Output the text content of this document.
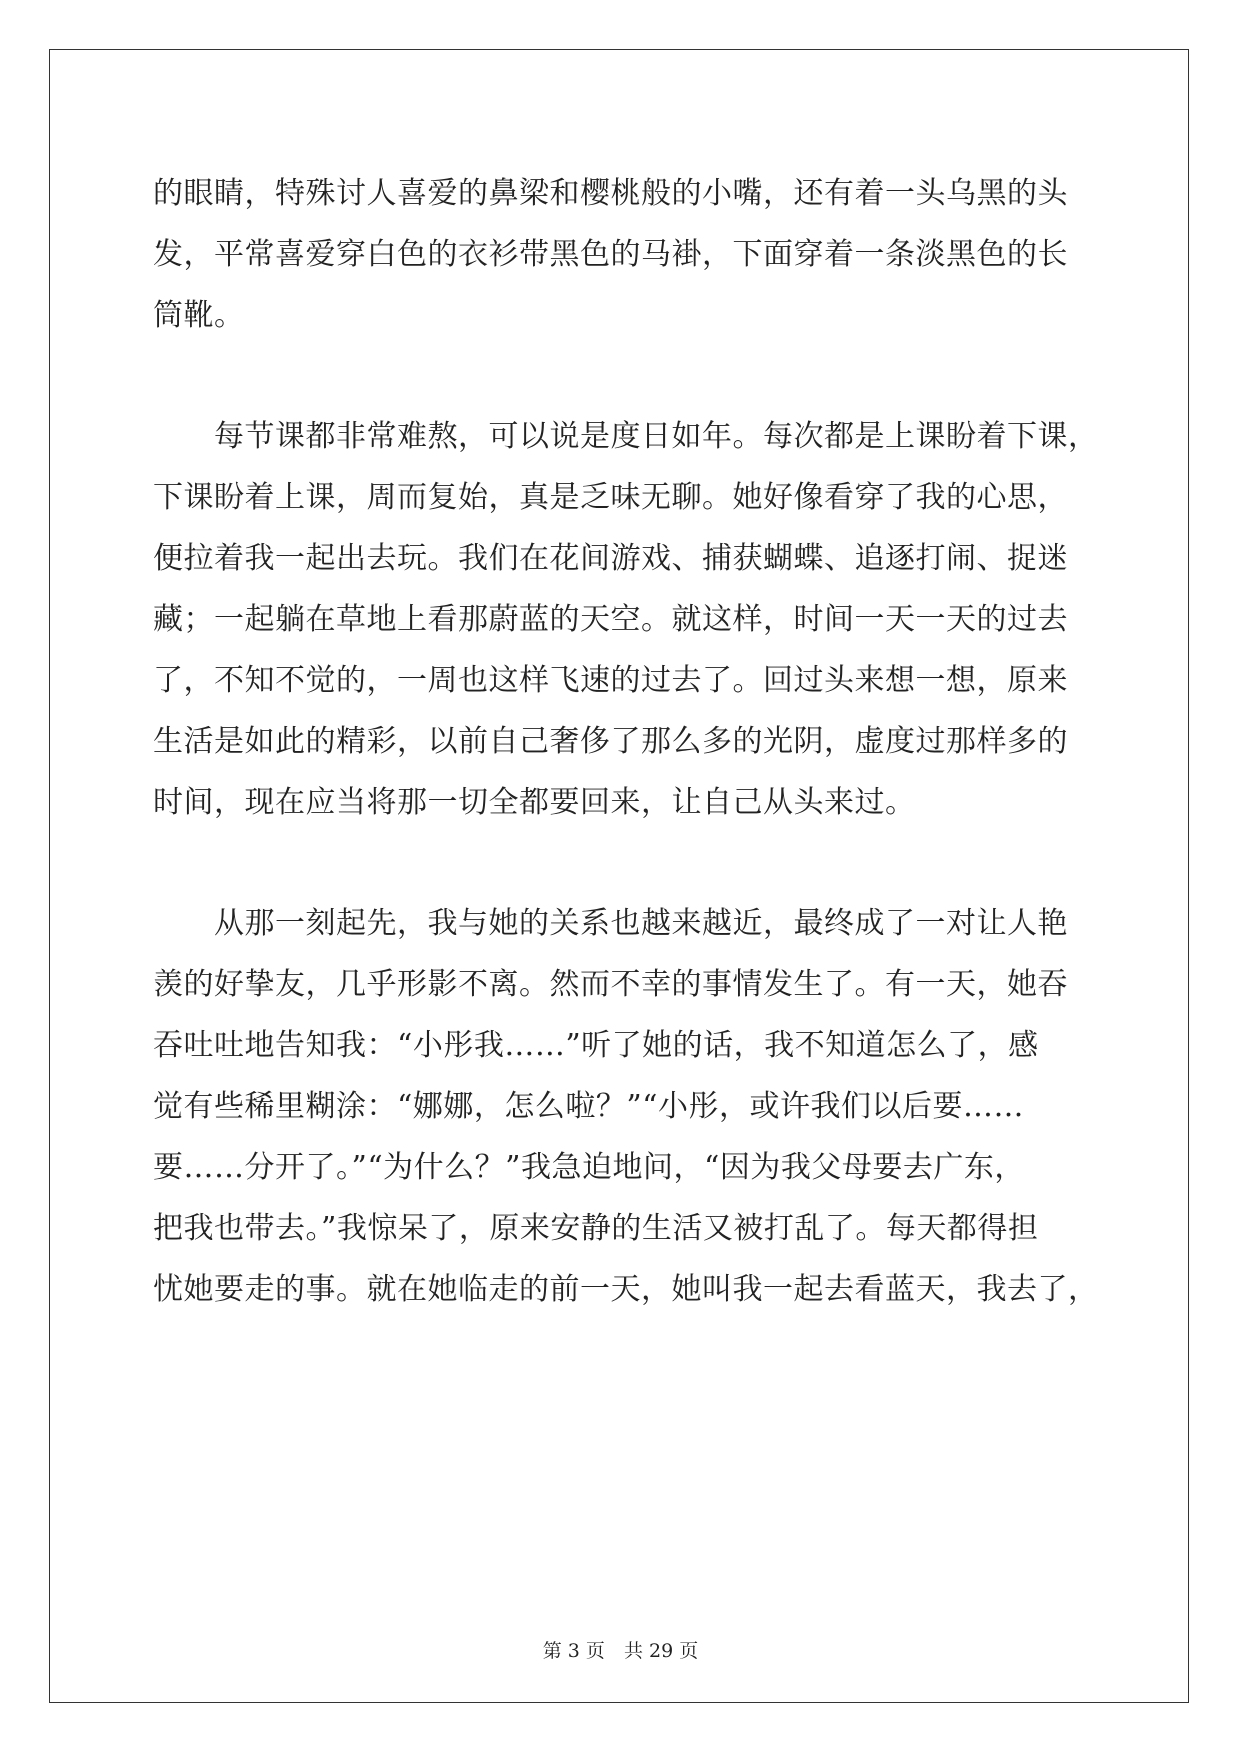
的眼睛，特殊讨人喜爱的鼻梁和樱桃般的小嘴，还有着一头乌黑的头
发，平常喜爱穿白色的衣衫带黑色的马褂，下面穿着一条淡黑色的长
筒靴。
　　每节课都非常难熬，可以说是度日如年。每次都是上课盼着下课，
下课盼着上课，周而复始，真是乏味无聊。她好像看穿了我的心思，
便拉着我一起出去玩。我们在花间游戏、捕获蝴蝶、追逐打闹、捉迷
藏；一起躺在草地上看那蔚蓝的天空。就这样，时间一天一天的过去
了，不知不觉的，一周也这样飞速的过去了。回过头来想一想，原来
生活是如此的精彩，以前自己奢侈了那么多的光阴，虚度过那样多的
时间，现在应当将那一切全都要回来，让自己从头来过。
　　从那一刻起先，我与她的关系也越来越近，最终成了一对让人艳
羡的好挚友，几乎形影不离。然而不幸的事情发生了。有一天，她吞
吞吐吐地告知我：“小彤我……”听了她的话，我不知道怎么了，感
觉有些稀里糊涂：“娜娜，怎么啦？”“小彤，或许我们以后要……
要……分开了。”“为什么？”我急迫地问，“因为我父母要去广东，
把我也带去。”我惊呆了，原来安静的生活又被打乱了。每天都得担
忧她要走的事。就在她临走的前一天，她叫我一起去看蓝天，我去了，
第 3 页　 共 29 页
